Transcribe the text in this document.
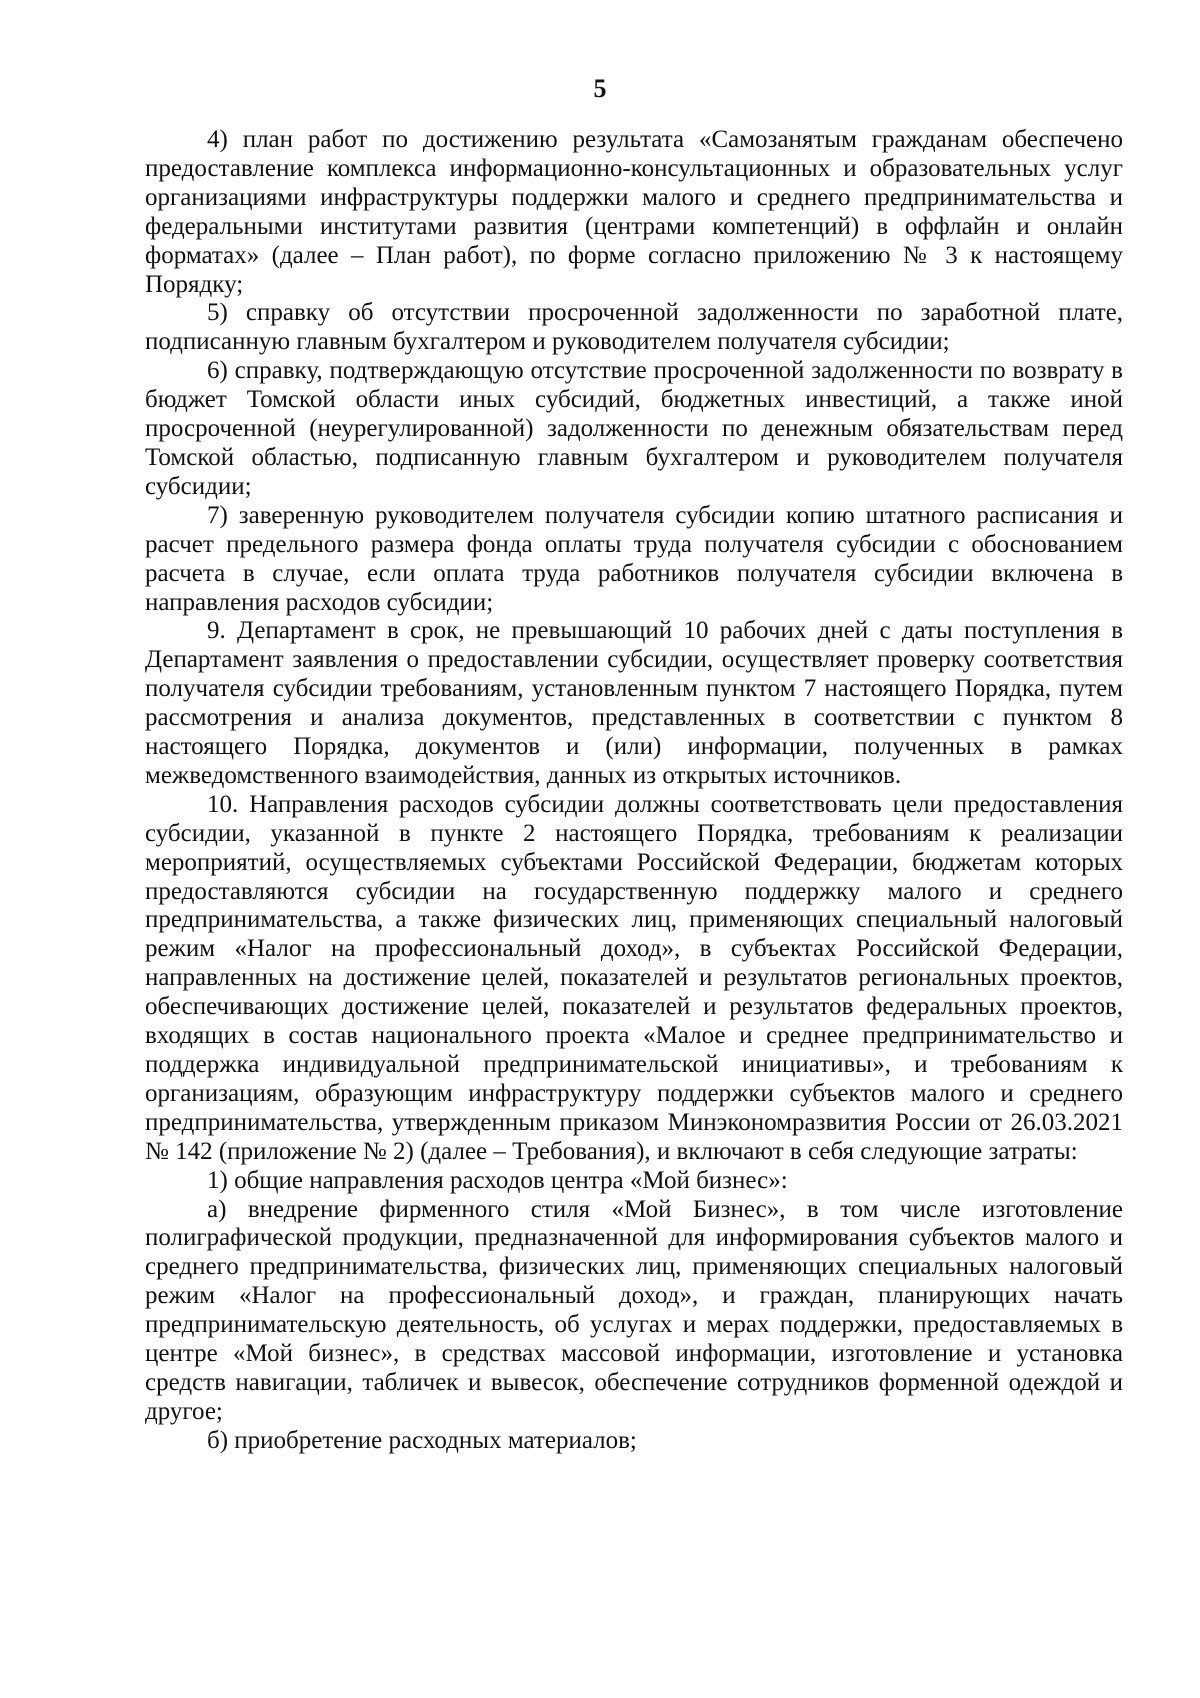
5

4) план работ по достижению результата «Самозанятым гражданам обеспечено предоставление комплекса информационно-консультационных и образовательных услуг организациями инфраструктуры поддержки малого и среднего предпринимательства и федеральными институтами развития (центрами компетенций) в оффлайн и онлайн форматах» (далее – План работ), по форме согласно приложению № 3 к настоящему Порядку;

5) справку об отсутствии просроченной задолженности по заработной плате, подписанную главным бухгалтером и руководителем получателя субсидии;

6) справку, подтверждающую отсутствие просроченной задолженности по возврату в бюджет Томской области иных субсидий, бюджетных инвестиций, а также иной просроченной (неурегулированной) задолженности по денежным обязательствам перед Томской областью, подписанную главным бухгалтером и руководителем получателя субсидии;

7) заверенную руководителем получателя субсидии копию штатного расписания и расчет предельного размера фонда оплаты труда получателя субсидии с обоснованием расчета в случае, если оплата труда работников получателя субсидии включена в направления расходов субсидии;

9. Департамент в срок, не превышающий 10 рабочих дней с даты поступления в Департамент заявления о предоставлении субсидии, осуществляет проверку соответствия получателя субсидии требованиям, установленным пунктом 7 настоящего Порядка, путем рассмотрения и анализа документов, представленных в соответствии с пунктом 8 настоящего Порядка, документов и (или) информации, полученных в рамках межведомственного взаимодействия, данных из открытых источников.

10. Направления расходов субсидии должны соответствовать цели предоставления субсидии, указанной в пункте 2 настоящего Порядка, требованиям к реализации мероприятий, осуществляемых субъектами Российской Федерации, бюджетам которых предоставляются субсидии на государственную поддержку малого и среднего предпринимательства, а также физических лиц, применяющих специальный налоговый режим «Налог на профессиональный доход», в субъектах Российской Федерации, направленных на достижение целей, показателей и результатов региональных проектов, обеспечивающих достижение целей, показателей и результатов федеральных проектов, входящих в состав национального проекта «Малое и среднее предпринимательство и поддержка индивидуальной предпринимательской инициативы», и требованиям к организациям, образующим инфраструктуру поддержки субъектов малого и среднего предпринимательства, утвержденным приказом Минэкономразвития России от 26.03.2021 № 142 (приложение № 2) (далее – Требования), и включают в себя следующие затраты:

1) общие направления расходов центра «Мой бизнес»:

а) внедрение фирменного стиля «Мой Бизнес», в том числе изготовление полиграфической продукции, предназначенной для информирования субъектов малого и среднего предпринимательства, физических лиц, применяющих специальных налоговый режим «Налог на профессиональный доход», и граждан, планирующих начать предпринимательскую деятельность, об услугах и мерах поддержки, предоставляемых в центре «Мой бизнес», в средствах массовой информации, изготовление и установка средств навигации, табличек и вывесок, обеспечение сотрудников форменной одеждой и другое;

б) приобретение расходных материалов;
